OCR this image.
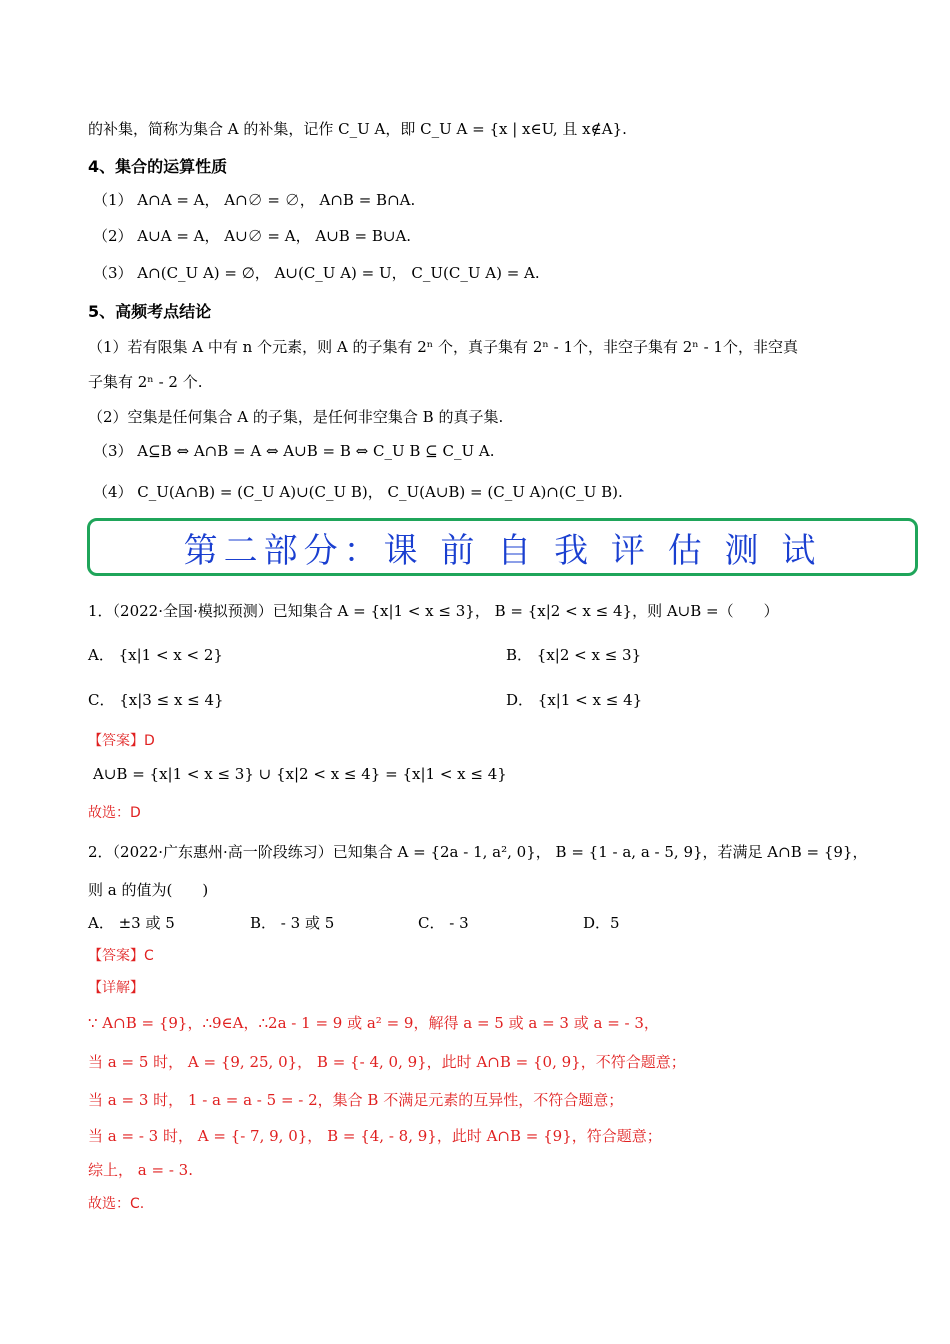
的补集，简称为集合 A 的补集，记作 C_U A，即 C_U A = {x | x∈U, 且 x∉A}.
4、集合的运算性质
（1） A∩A = A， A∩∅ = ∅， A∩B = B∩A.
（2） A∪A = A， A∪∅ = A， A∪B = B∪A.
（3） A∩(C_U A) = ∅， A∪(C_U A) = U， C_U(C_U A) = A.
5、高频考点结论
（1）若有限集 A 中有 n 个元素，则 A 的子集有 2ⁿ 个，真子集有 2ⁿ - 1个，非空子集有 2ⁿ - 1个，非空真
子集有 2ⁿ - 2 个.
（2）空集是任何集合 A 的子集，是任何非空集合 B 的真子集.
（3） A⊆B ⇔ A∩B = A ⇔ A∪B = B ⇔ C_U B ⊆ C_U A.
（4） C_U(A∩B) = (C_U A)∪(C_U B)， C_U(A∪B) = (C_U A)∩(C_U B).
第二部分：课 前 自 我 评 估 测 试
1．（2022·全国·模拟预测）已知集合 A = {x|1 < x ≤ 3}， B = {x|2 < x ≤ 4}，则 A∪B =（　　）
A． {x|1 < x < 2}	B． {x|2 < x ≤ 3}
C． {x|3 ≤ x ≤ 4}	D． {x|1 < x ≤ 4}
【答案】D
A∪B = {x|1 < x ≤ 3} ∪ {x|2 < x ≤ 4} = {x|1 < x ≤ 4}
故选：D
2．（2022·广东惠州·高一阶段练习）已知集合 A = {2a - 1, a², 0}， B = {1 - a, a - 5, 9}，若满足 A∩B = {9}，
则 a 的值为(　　)
A． ±3 或 5	B． - 3 或 5	C． - 3	D．5
【答案】C
【详解】
∵ A∩B = {9}，∴9∈A，∴2a - 1 = 9 或 a² = 9，解得 a = 5 或 a = 3 或 a = - 3，
当 a = 5 时， A = {9, 25, 0}， B = {- 4, 0, 9}，此时 A∩B = {0, 9}，不符合题意；
当 a = 3 时， 1 - a = a - 5 = - 2，集合 B 不满足元素的互异性，不符合题意；
当 a = - 3 时， A = {- 7, 9, 0}， B = {4, - 8, 9}，此时 A∩B = {9}，符合题意；
综上， a = - 3.
故选：C.
